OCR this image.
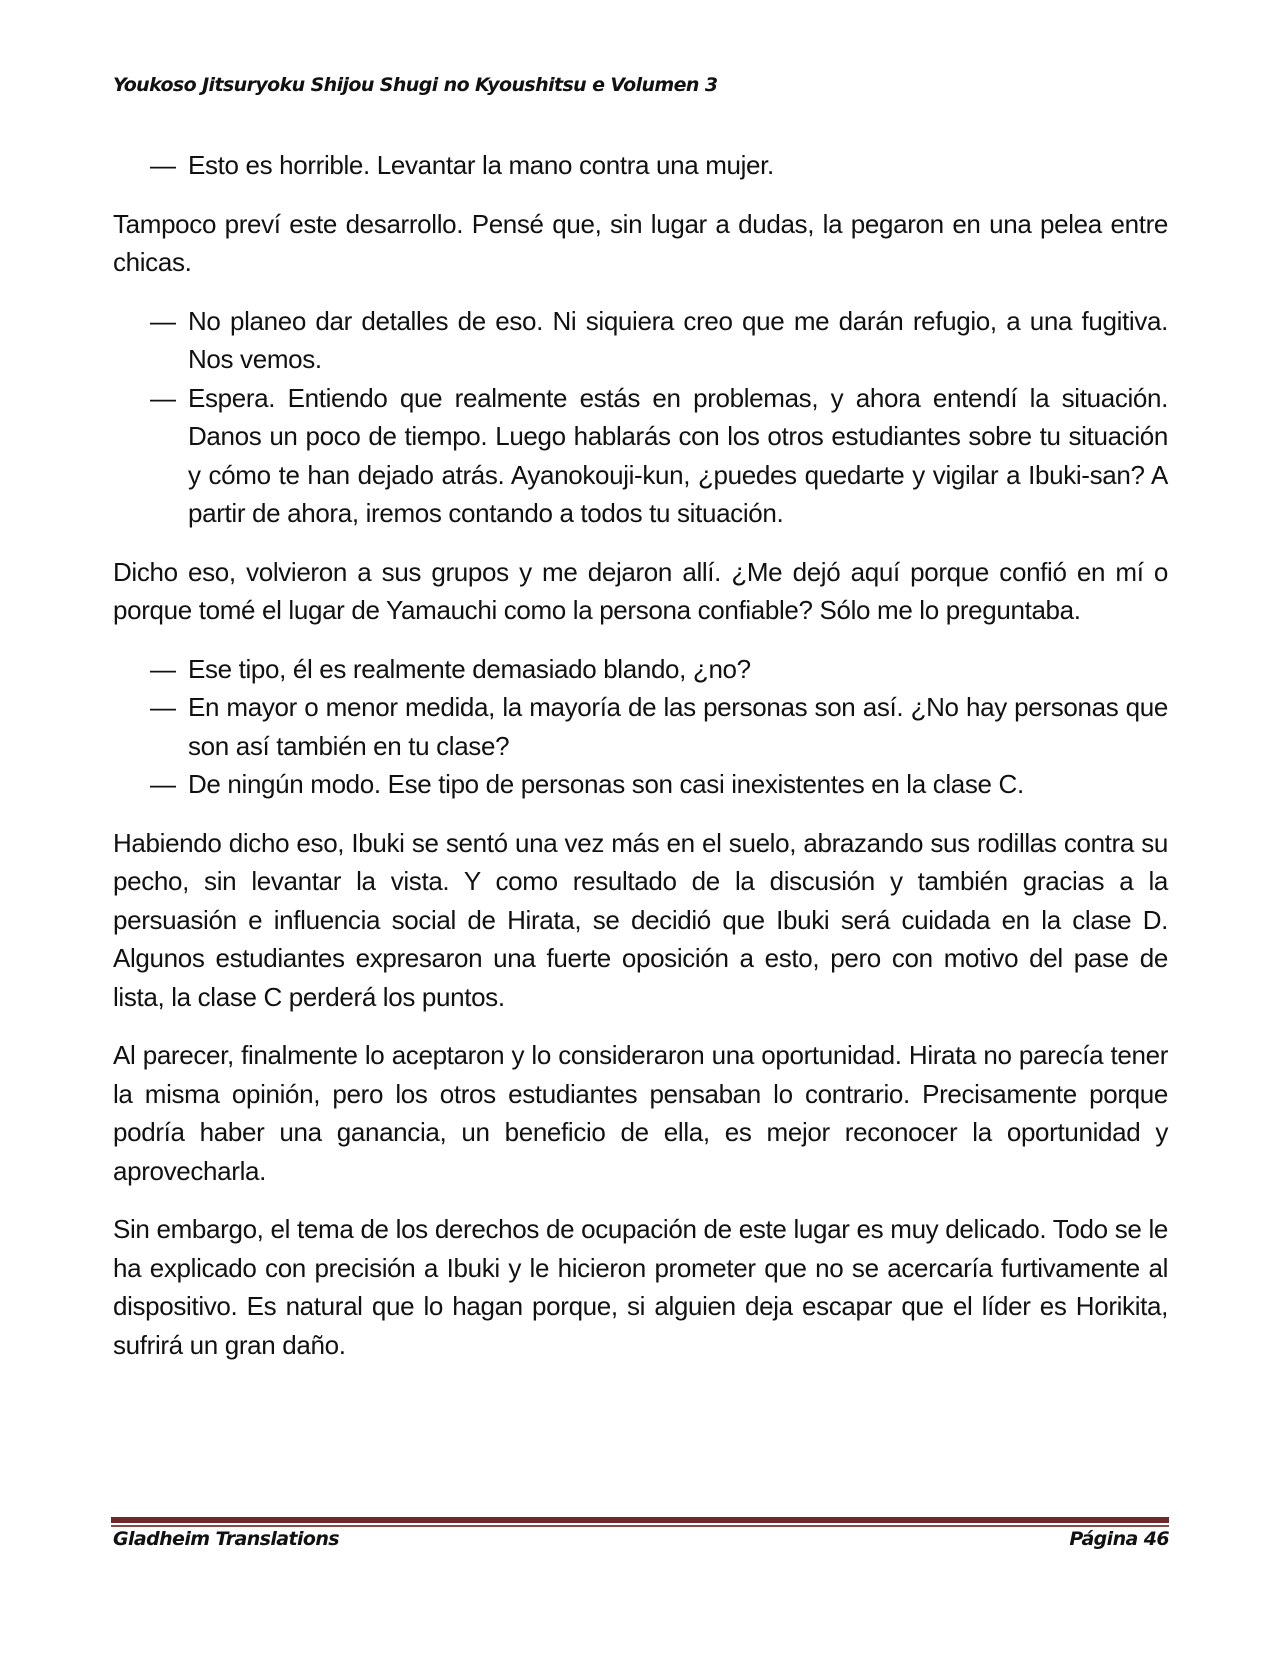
Youkoso Jitsuryoku Shijou Shugi no Kyoushitsu e Volumen 3

— Esto es horrible. Levantar la mano contra una mujer.

Tampoco preví este desarrollo. Pensé que, sin lugar a dudas, la pegaron en una pelea entre chicas.

— No planeo dar detalles de eso. Ni siquiera creo que me darán refugio, a una fugitiva. Nos vemos.

— Espera. Entiendo que realmente estás en problemas, y ahora entendí la situación. Danos un poco de tiempo. Luego hablarás con los otros estudiantes sobre tu situación y cómo te han dejado atrás. Ayanokouji-kun, ¿puedes quedarte y vigilar a Ibuki-san? A partir de ahora, iremos contando a todos tu situación.

Dicho eso, volvieron a sus grupos y me dejaron allí. ¿Me dejó aquí porque confió en mí o porque tomé el lugar de Yamauchi como la persona confiable? Sólo me lo preguntaba.

— Ese tipo, él es realmente demasiado blando, ¿no?

— En mayor o menor medida, la mayoría de las personas son así. ¿No hay personas que son así también en tu clase?

— De ningún modo. Ese tipo de personas son casi inexistentes en la clase C.

Habiendo dicho eso, Ibuki se sentó una vez más en el suelo, abrazando sus rodillas contra su pecho, sin levantar la vista. Y como resultado de la discusión y también gracias a la persuasión e influencia social de Hirata, se decidió que Ibuki será cuidada en la clase D. Algunos estudiantes expresaron una fuerte oposición a esto, pero con motivo del pase de lista, la clase C perderá los puntos.

Al parecer, finalmente lo aceptaron y lo consideraron una oportunidad. Hirata no parecía tener la misma opinión, pero los otros estudiantes pensaban lo contrario. Precisamente porque podría haber una ganancia, un beneficio de ella, es mejor reconocer la oportunidad y aprovecharla.

Sin embargo, el tema de los derechos de ocupación de este lugar es muy delicado. Todo se le ha explicado con precisión a Ibuki y le hicieron prometer que no se acercaría furtivamente al dispositivo. Es natural que lo hagan porque, si alguien deja escapar que el líder es Horikita, sufrirá un gran daño.

Gladheim Translations	Página 46
